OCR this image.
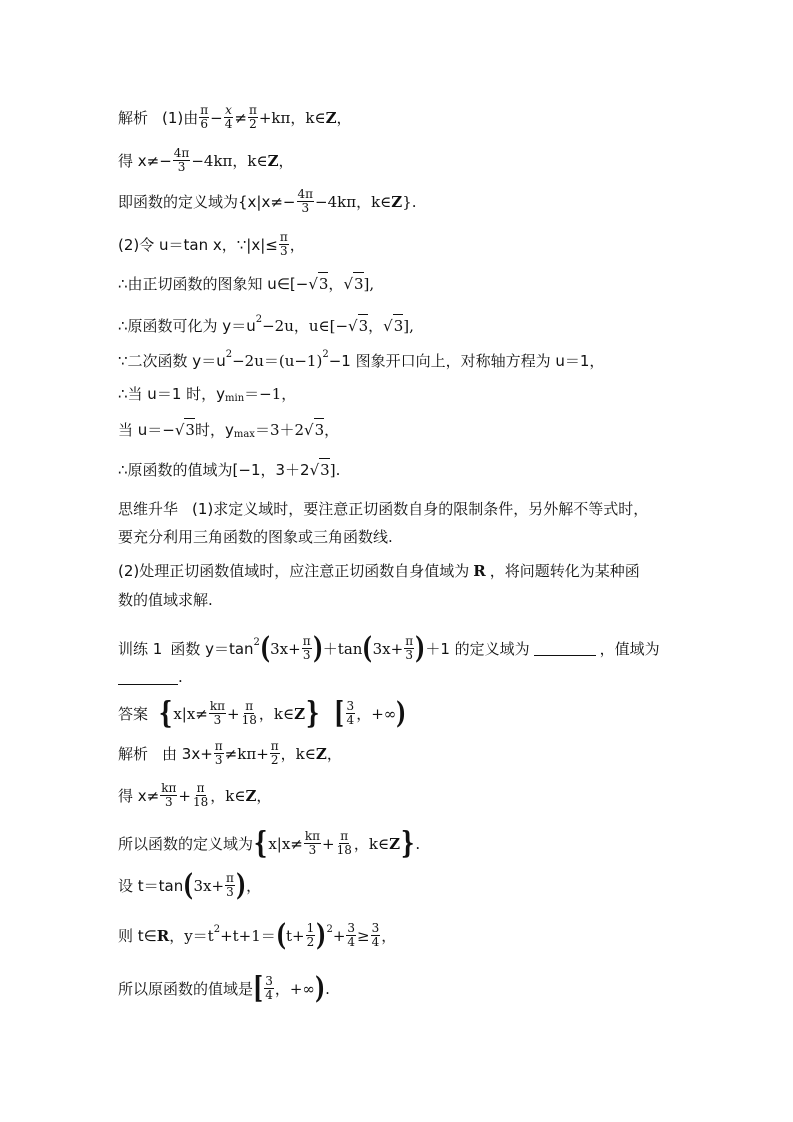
解析 (1)由 $\frac{\pi}{6} - \frac{x}{4} \ne \frac{\pi}{2} +k\pi$，k∈ Z ，
得 $x\ne- \frac{4\pi}{3} -4k\pi$，k∈ Z ，
即函数的定义域为{$x|x\ne- \frac{4\pi}{3} -4k\pi$，k∈ Z }.
(2)令 u＝tan x，∵|x|≤ $\frac{\pi}{3}$ ，
∴由正切函数的图象知 u∈[− √ 3 ， √ 3 ],
∴原函数可化为 y＝u 2 −2u，u∈[− √ 3 ， √ 3 ],
∵二次函数 y＝u 2 −2u＝(u−1) 2 −1 图象开口向上，对称轴方程为 u＝1，
∴当 u＝1 时，y min ＝−1，
当 u＝− √ 3 时，y max ＝3＋2 √ 3 ，
∴原函数的值域为[−1，3＋2 √ 3 ].
思维升华 (1)求定义域时，要注意正切函数自身的限制条件，另外解不等式时，
要充分利用三角函数的图象或三角函数线.
(2)处理正切函数值域时，应注意正切函数自身值域为 R ，将问题转化为某种函
数的值域求解.
训练 1 函数 y＝tan 2 ( $3x+ \frac{\pi}{3}$ ) ＋tan ( $3x+ \frac{\pi}{3}$ ) ＋1 的定义域为	，值域为
.
答案 { $x|x\ne \frac{k\pi}{3} + \frac{\pi}{18}$ ，k∈ Z } [ $\frac{3}{4}$ ，+∞ )
解析 由 $3x+ \frac{\pi}{3} \ne k\pi+ \frac{\pi}{2}$ ，k∈ Z ，
得 $x\ne \frac{k\pi}{3} + \frac{\pi}{18}$ ，k∈ Z ，
所以函数的定义域为 { $x|x\ne \frac{k\pi}{3} + \frac{\pi}{18}$ ，k∈ Z } .
设 t＝tan ( $3x+ \frac{\pi}{3}$ ) ，
则 t∈ R ，y＝t 2 +t+1＝ ( $t+ \frac{1}{2}$ ) $2 + \frac{3}{4} \ge \frac{3}{4}$ ，
所以原函数的值域是 [ $\frac{3}{4}$ ，+∞ ) .
